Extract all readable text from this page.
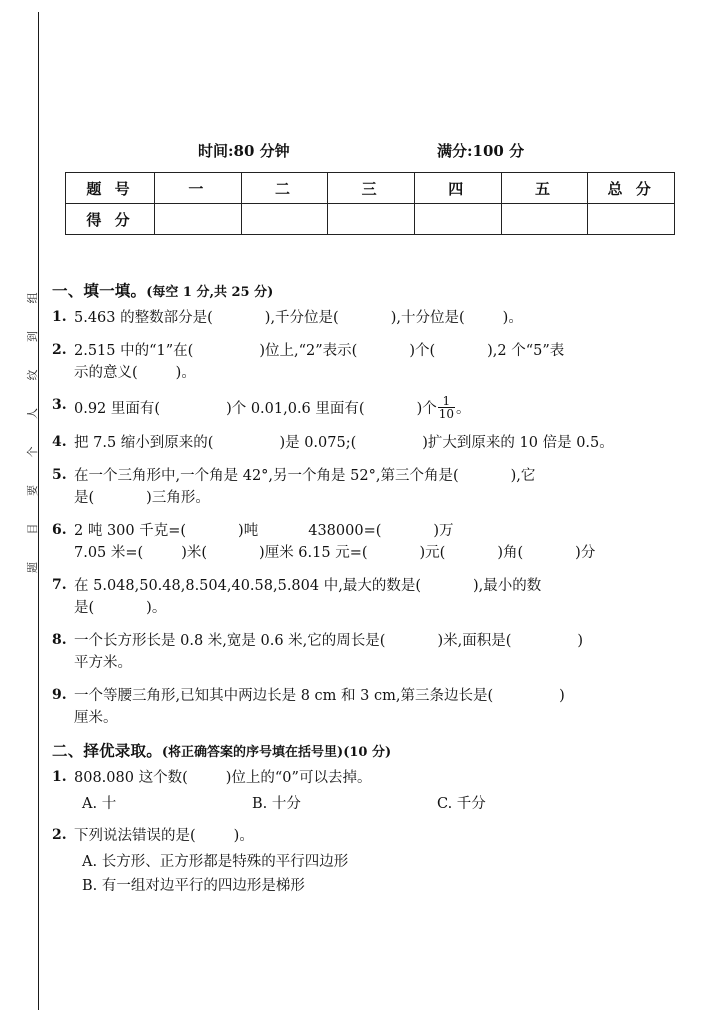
题 目 要 个 人 纹 到 组
时间:80 分钟	满分:100 分
题 号	一	二	三	四	五	总 分
得 分						
一、填一填。(每空 1 分,共 25 分)
1. 5.463 的整数部分是(	),千分位是(	),十分位是(	)。
2. 2.515 中的“1”在(	)位上,“2”表示(	)个(	),2 个“5”表
示的意义(	)。
3. 0.92 里面有(	)个 0.01,0.6 里面有(	)个 $\frac{1}{10}$ 。
4. 把 7.5 缩小到原来的(	)是 0.075;(	)扩大到原来的 10 倍是 0.5。
5. 在一个三角形中,一个角是 42°,另一个角是 52°,第三个角是(	),它
是(	)三角形。
6. 2 吨 300 千克=(	)吨	438000=(	)万
7.05 米=(	)米(	)厘米 6.15 元=(	)元(	)角(	)分
7. 在 5.048,50.48,8.504,40.58,5.804 中,最大的数是(	),最小的数
是(	)。
8. 一个长方形长是 0.8 米,宽是 0.6 米,它的周长是(	)米,面积是(	)
平方米。
9. 一个等腰三角形,已知其中两边长是 8 cm 和 3 cm,第三条边长是(	)
厘米。
二、择优录取。(将正确答案的序号填在括号里)(10 分)
1. 808.080 这个数(	)位上的“0”可以去掉。
A. 十	B. 十分	C. 千分
2. 下列说法错误的是(	)。
A. 长方形、正方形都是特殊的平行四边形
B. 有一组对边平行的四边形是梯形
